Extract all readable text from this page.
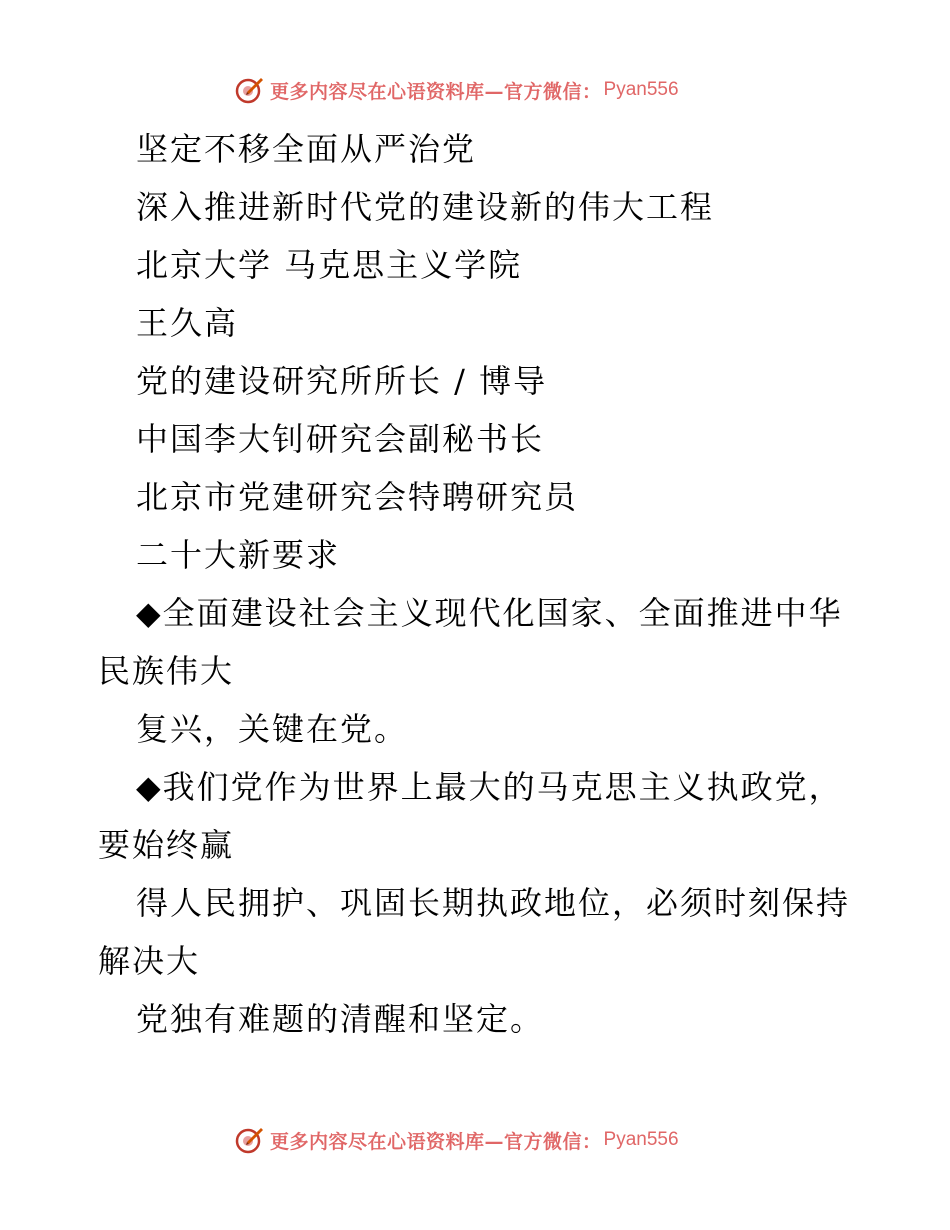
更多内容尽在心语资料库—官方微信： Pyan556
坚定不移全面从严治党
深入推进新时代党的建设新的伟大工程
北京大学 马克思主义学院
王久高
党的建设研究所所长 / 博导
中国李大钊研究会副秘书长
北京市党建研究会特聘研究员
二十大新要求
◆全面建设社会主义现代化国家、全面推进中华
民族伟大
复兴，关键在党。
◆我们党作为世界上最大的马克思主义执政党，
要始终赢
得人民拥护、巩固长期执政地位，必须时刻保持
解决大
党独有难题的清醒和坚定。
更多内容尽在心语资料库—官方微信： Pyan556
